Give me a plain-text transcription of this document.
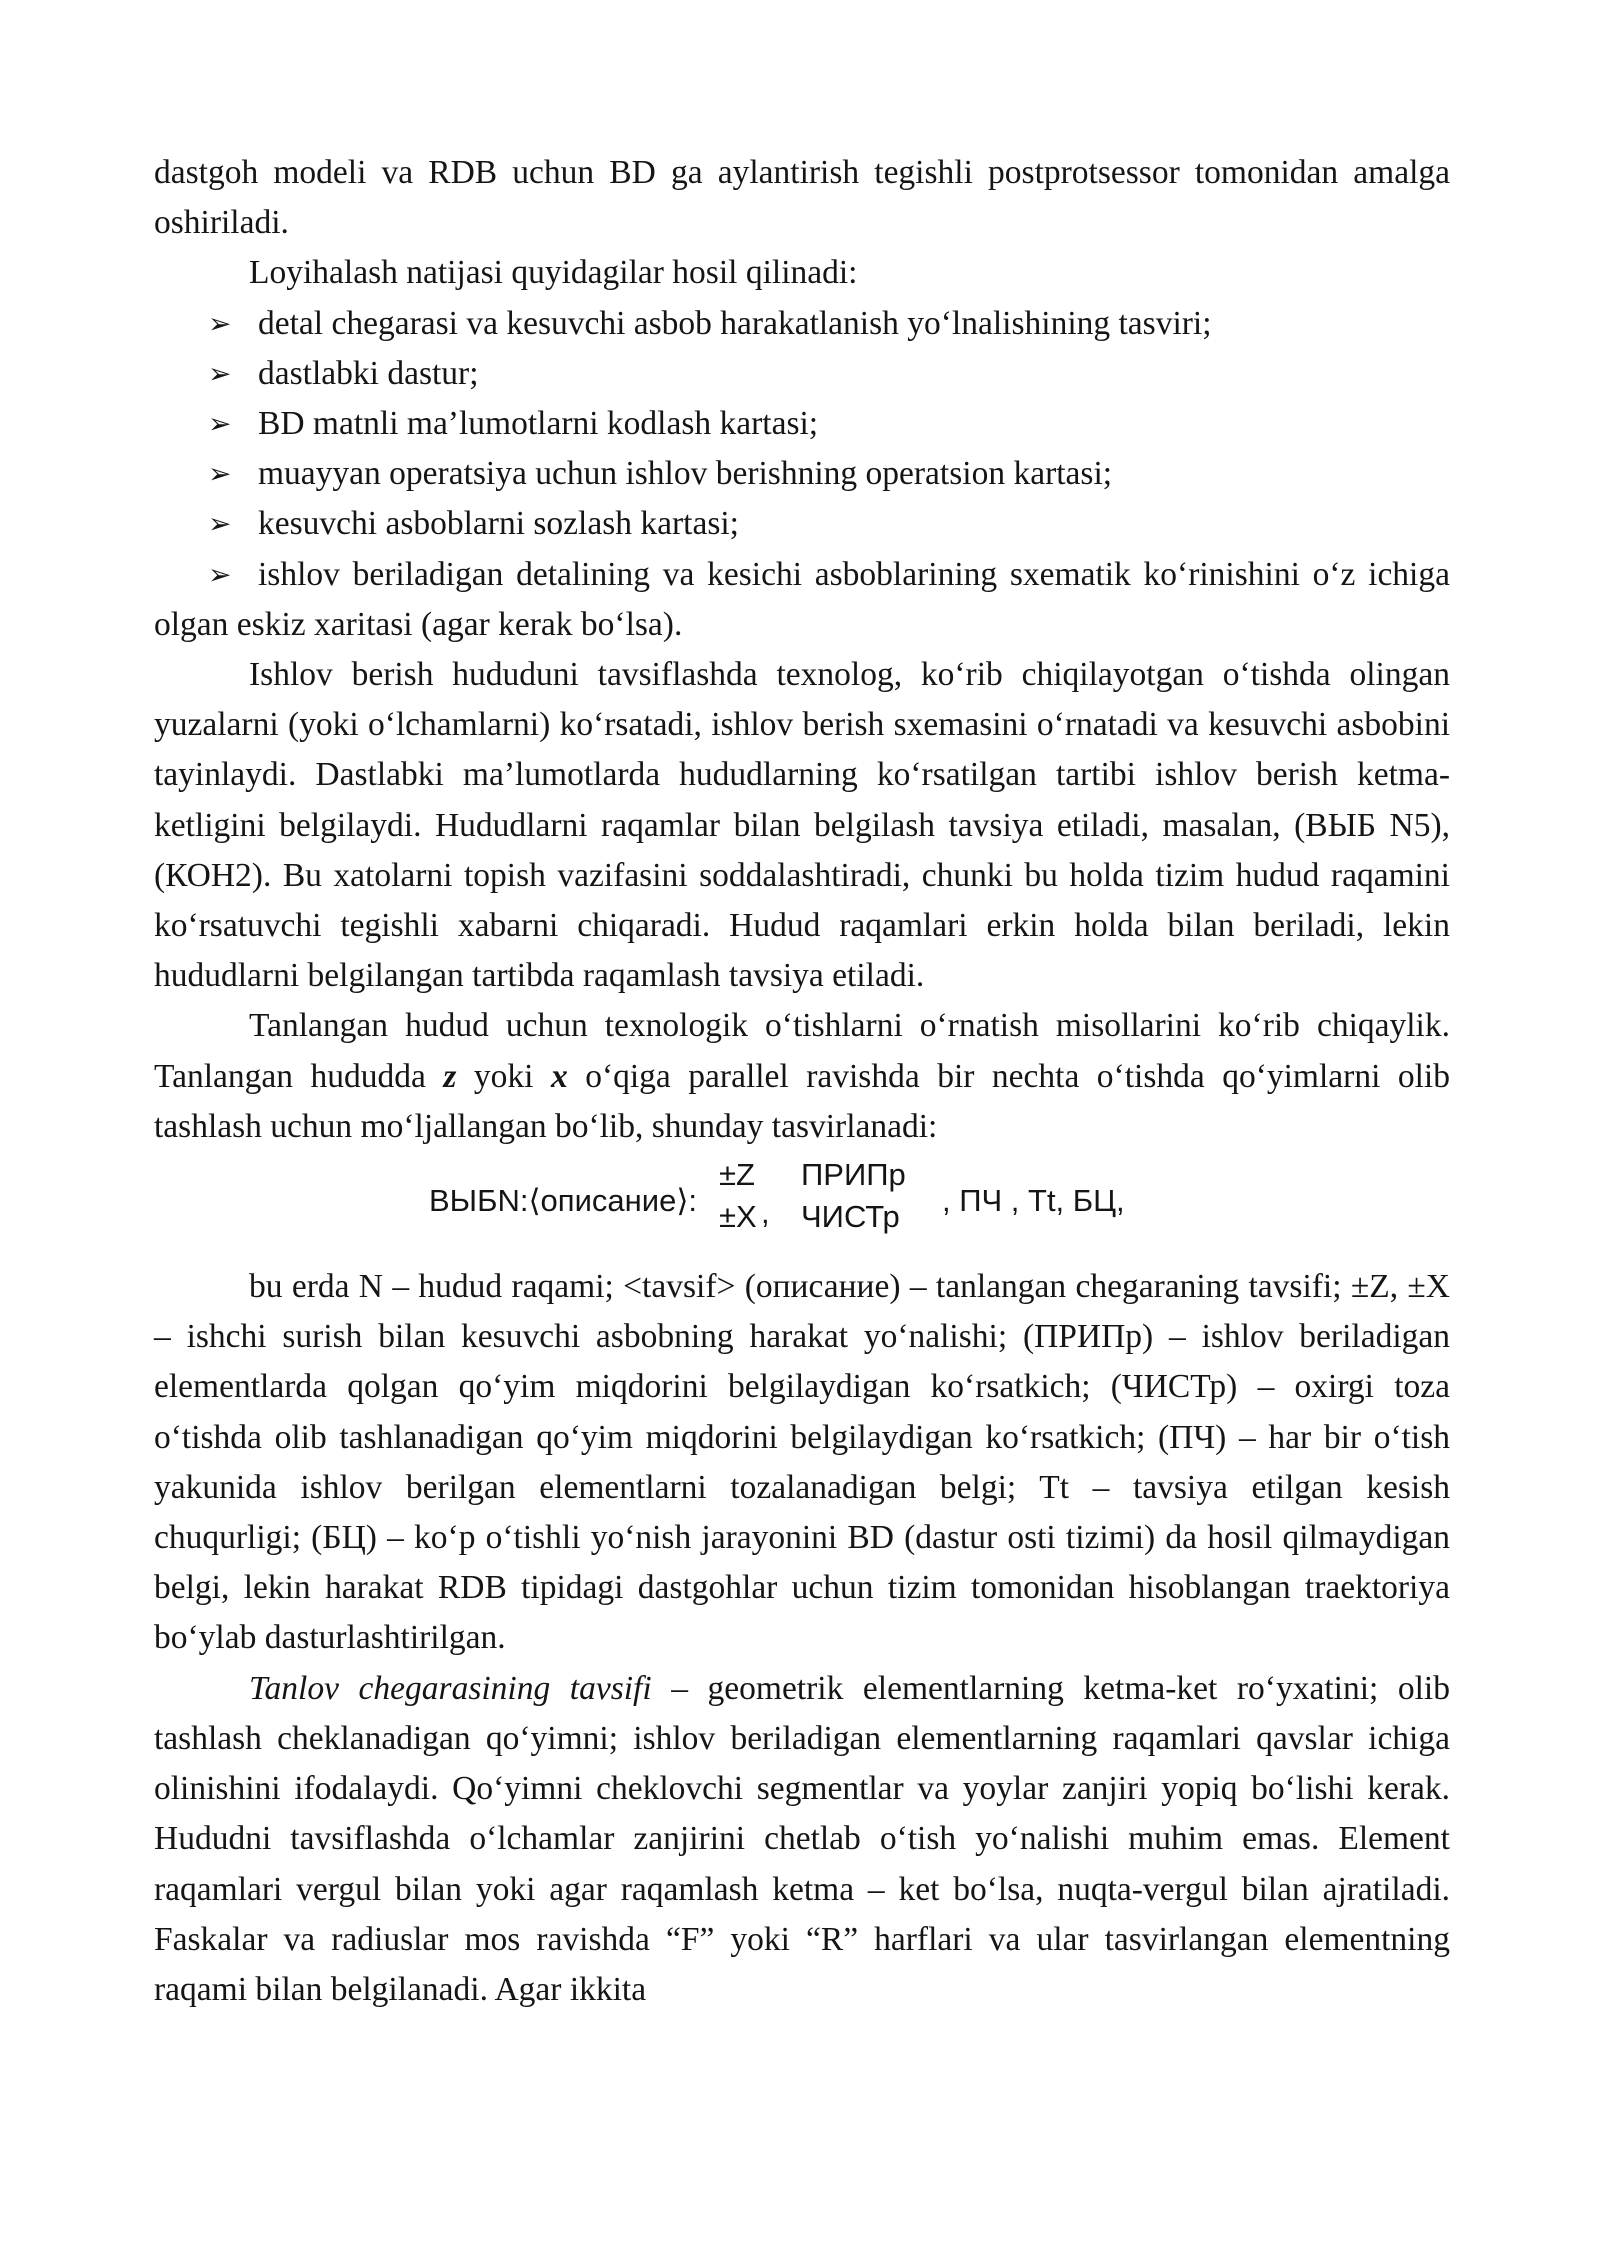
dastgoh modeli va RDB uchun BD ga aylantirish tegishli postprotsessor tomonidan amalga oshiriladi.

Loyihalash natijasi quyidagilar hosil qilinadi:

➢ detal chegarasi va kesuvchi asbob harakatlanish yo‘lnalishining tasviri;

➢ dastlabki dastur;

➢ BD matnli ma’lumotlarni kodlash kartasi;

➢ muayyan operatsiya uchun ishlov berishning operatsion kartasi;

➢ kesuvchi asboblarni sozlash kartasi;

➢ ishlov beriladigan detalining va kesichi asboblarining sxematik ko‘rinishini o‘z ichiga olgan eskiz xaritasi (agar kerak bo‘lsa).

Ishlov berish hududuni tavsiflashda texnolog, ko‘rib chiqilayotgan o‘tishda olingan yuzalarni (yoki o‘lchamlarni) ko‘rsatadi, ishlov berish sxemasini o‘rnatadi va kesuvchi asbobini tayinlaydi. Dastlabki ma’lumotlarda hududlarning ko‘rsatilgan tartibi ishlov berish ketma-ketligini belgilaydi. Hududlarni raqamlar bilan belgilash tavsiya etiladi, masalan, (ВЫБ N5), (КОН2). Bu xatolarni topish vazifasini soddalashtiradi, chunki bu holda tizim hudud raqamini ko‘rsatuvchi tegishli xabarni chiqaradi. Hudud raqamlari erkin holda bilan beriladi, lekin hududlarni belgilangan tartibda raqamlash tavsiya etiladi.

Tanlangan hudud uchun texnologik o‘tishlarni o‘rnatish misollarini ko‘rib chiqaylik. Tanlangan hududda z yoki x o‘qiga parallel ravishda bir nechta o‘tishda qo‘yimlarni olib tashlash uchun mo‘ljallangan bo‘lib, shunday tasvirlanadi:

ВЫБN:⟨описание⟩:
±Z
±X ,
ПРИПр
ЧИСТр , ПЧ , Tt, БЦ,

bu erda N – hudud raqami; <tavsif> (описание) – tanlangan chegaraning tavsifi; ±Z, ±X – ishchi surish bilan kesuvchi asbobning harakat yo‘nalishi; (ПРИПр) – ishlov beriladigan elementlarda qolgan qo‘yim miqdorini belgilaydigan ko‘rsatkich; (ЧИСТр) – oxirgi toza o‘tishda olib tashlanadigan qo‘yim miqdorini belgilaydigan ko‘rsatkich; (ПЧ) – har bir o‘tish yakunida ishlov berilgan elementlarni tozalanadigan belgi; Tt – tavsiya etilgan kesish chuqurligi; (БЦ) – ko‘p o‘tishli yo‘nish jarayonini BD (dastur osti tizimi) da hosil qilmaydigan belgi, lekin harakat RDB tipidagi dastgohlar uchun tizim tomonidan hisoblangan traektoriya bo‘ylab dasturlashtirilgan.

Tanlov chegarasining tavsifi – geometrik elementlarning ketma-ket ro‘yxatini; olib tashlash cheklanadigan qo‘yimni; ishlov beriladigan elementlarning raqamlari qavslar ichiga olinishini ifodalaydi. Qo‘yimni cheklovchi segmentlar va yoylar zanjiri yopiq bo‘lishi kerak. Hududni tavsiflashda o‘lchamlar zanjirini chetlab o‘tish yo‘nalishi muhim emas. Element raqamlari vergul bilan yoki agar raqamlash ketma – ket bo‘lsa, nuqta-vergul bilan ajratiladi. Faskalar va radiuslar mos ravishda “F” yoki “R” harflari va ular tasvirlangan elementning raqami bilan belgilanadi. Agar ikkita
